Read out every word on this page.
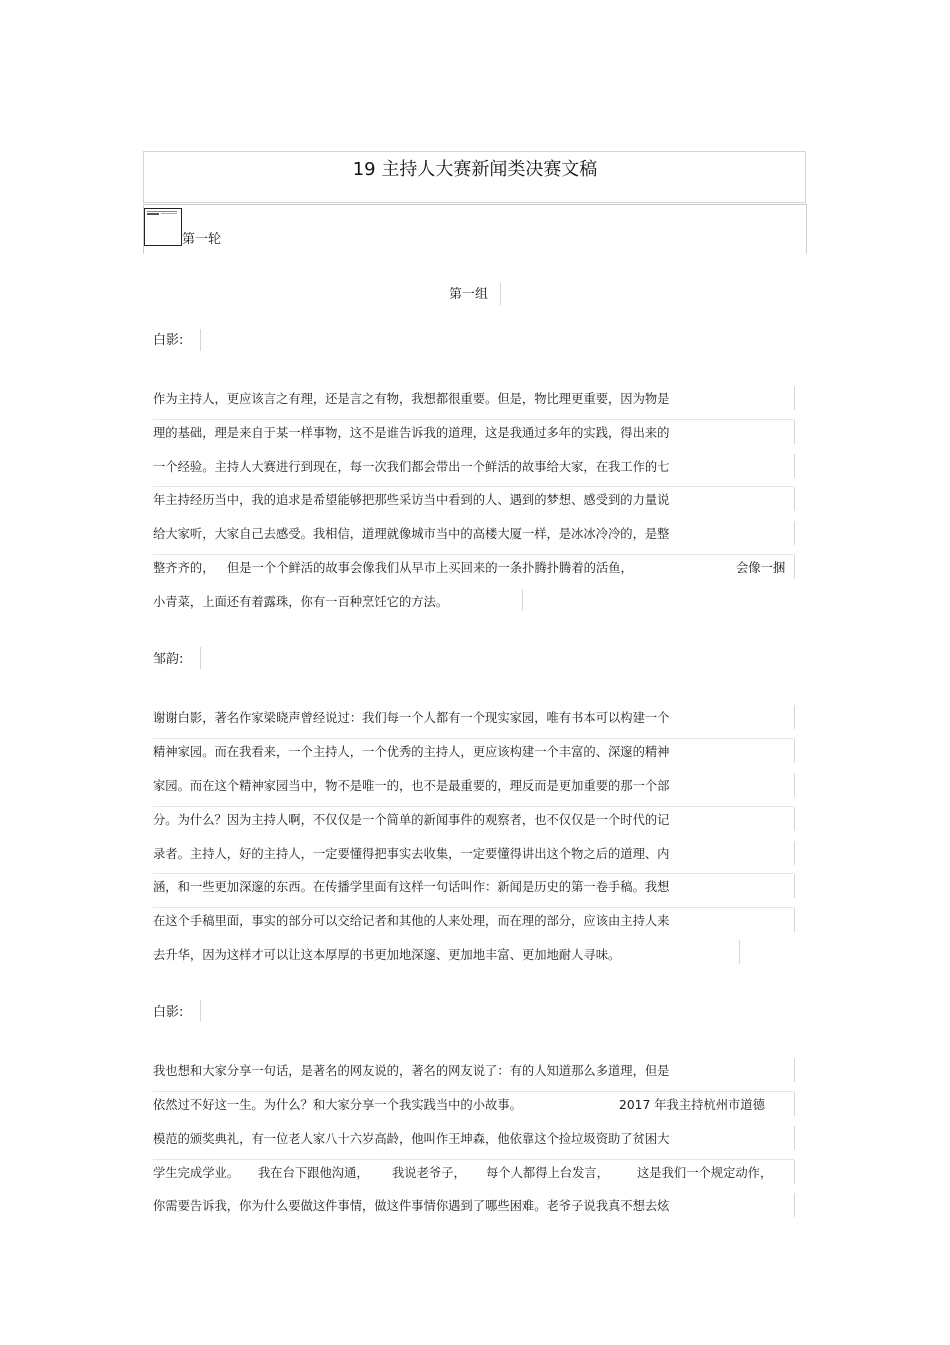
19 主持人大赛新闻类决赛文稿
第一轮
第一组
白影:
作为主持人，更应该言之有理，还是言之有物，我想都很重要。但是，物比理更重要，因为物是
理的基础，理是来自于某一样事物，这不是谁告诉我的道理，这是我通过多年的实践，得出来的
一个经验。主持人大赛进行到现在，每一次我们都会带出一个鲜活的故事给大家，在我工作的七
年主持经历当中，我的追求是希望能够把那些采访当中看到的人、遇到的梦想、感受到的力量说
给大家听，大家自己去感受。我相信，道理就像城市当中的高楼大厦一样，是冰冰冷冷的，是整
整齐齐的， 但是一个个鲜活的故事会像我们从早市上买回来的一条扑腾扑腾着的活鱼，	会像一捆
小青菜，上面还有着露珠，你有一百种烹饪它的方法。
邹韵:
谢谢白影，著名作家梁晓声曾经说过：我们每一个人都有一个现实家园，唯有书本可以构建一个
精神家园。而在我看来，一个主持人，一个优秀的主持人，更应该构建一个丰富的、深邃的精神
家园。而在这个精神家园当中，物不是唯一的，也不是最重要的，理反而是更加重要的那一个部
分。为什么？因为主持人啊，不仅仅是一个简单的新闻事件的观察者，也不仅仅是一个时代的记
录者。主持人，好的主持人，一定要懂得把事实去收集，一定要懂得讲出这个物之后的道理、内
涵，和一些更加深邃的东西。在传播学里面有这样一句话叫作：新闻是历史的第一卷手稿。我想
在这个手稿里面，事实的部分可以交给记者和其他的人来处理，而在理的部分，应该由主持人来
去升华，因为这样才可以让这本厚厚的书更加地深邃、更加地丰富、更加地耐人寻味。
白影:
我也想和大家分享一句话，是著名的网友说的，著名的网友说了：有的人知道那么多道理，但是
依然过不好这一生。为什么？和大家分享一个我实践当中的小故事。	2017 年我主持杭州市道德
模范的颁奖典礼，有一位老人家八十六岁高龄，他叫作王坤森，他依靠这个捡垃圾资助了贫困大
学生完成学业。 我在台下跟他沟通， 我说老爷子， 每个人都得上台发言， 这是我们一个规定动作，
你需要告诉我，你为什么要做这件事情，做这件事情你遇到了哪些困难。老爷子说我真不想去炫
